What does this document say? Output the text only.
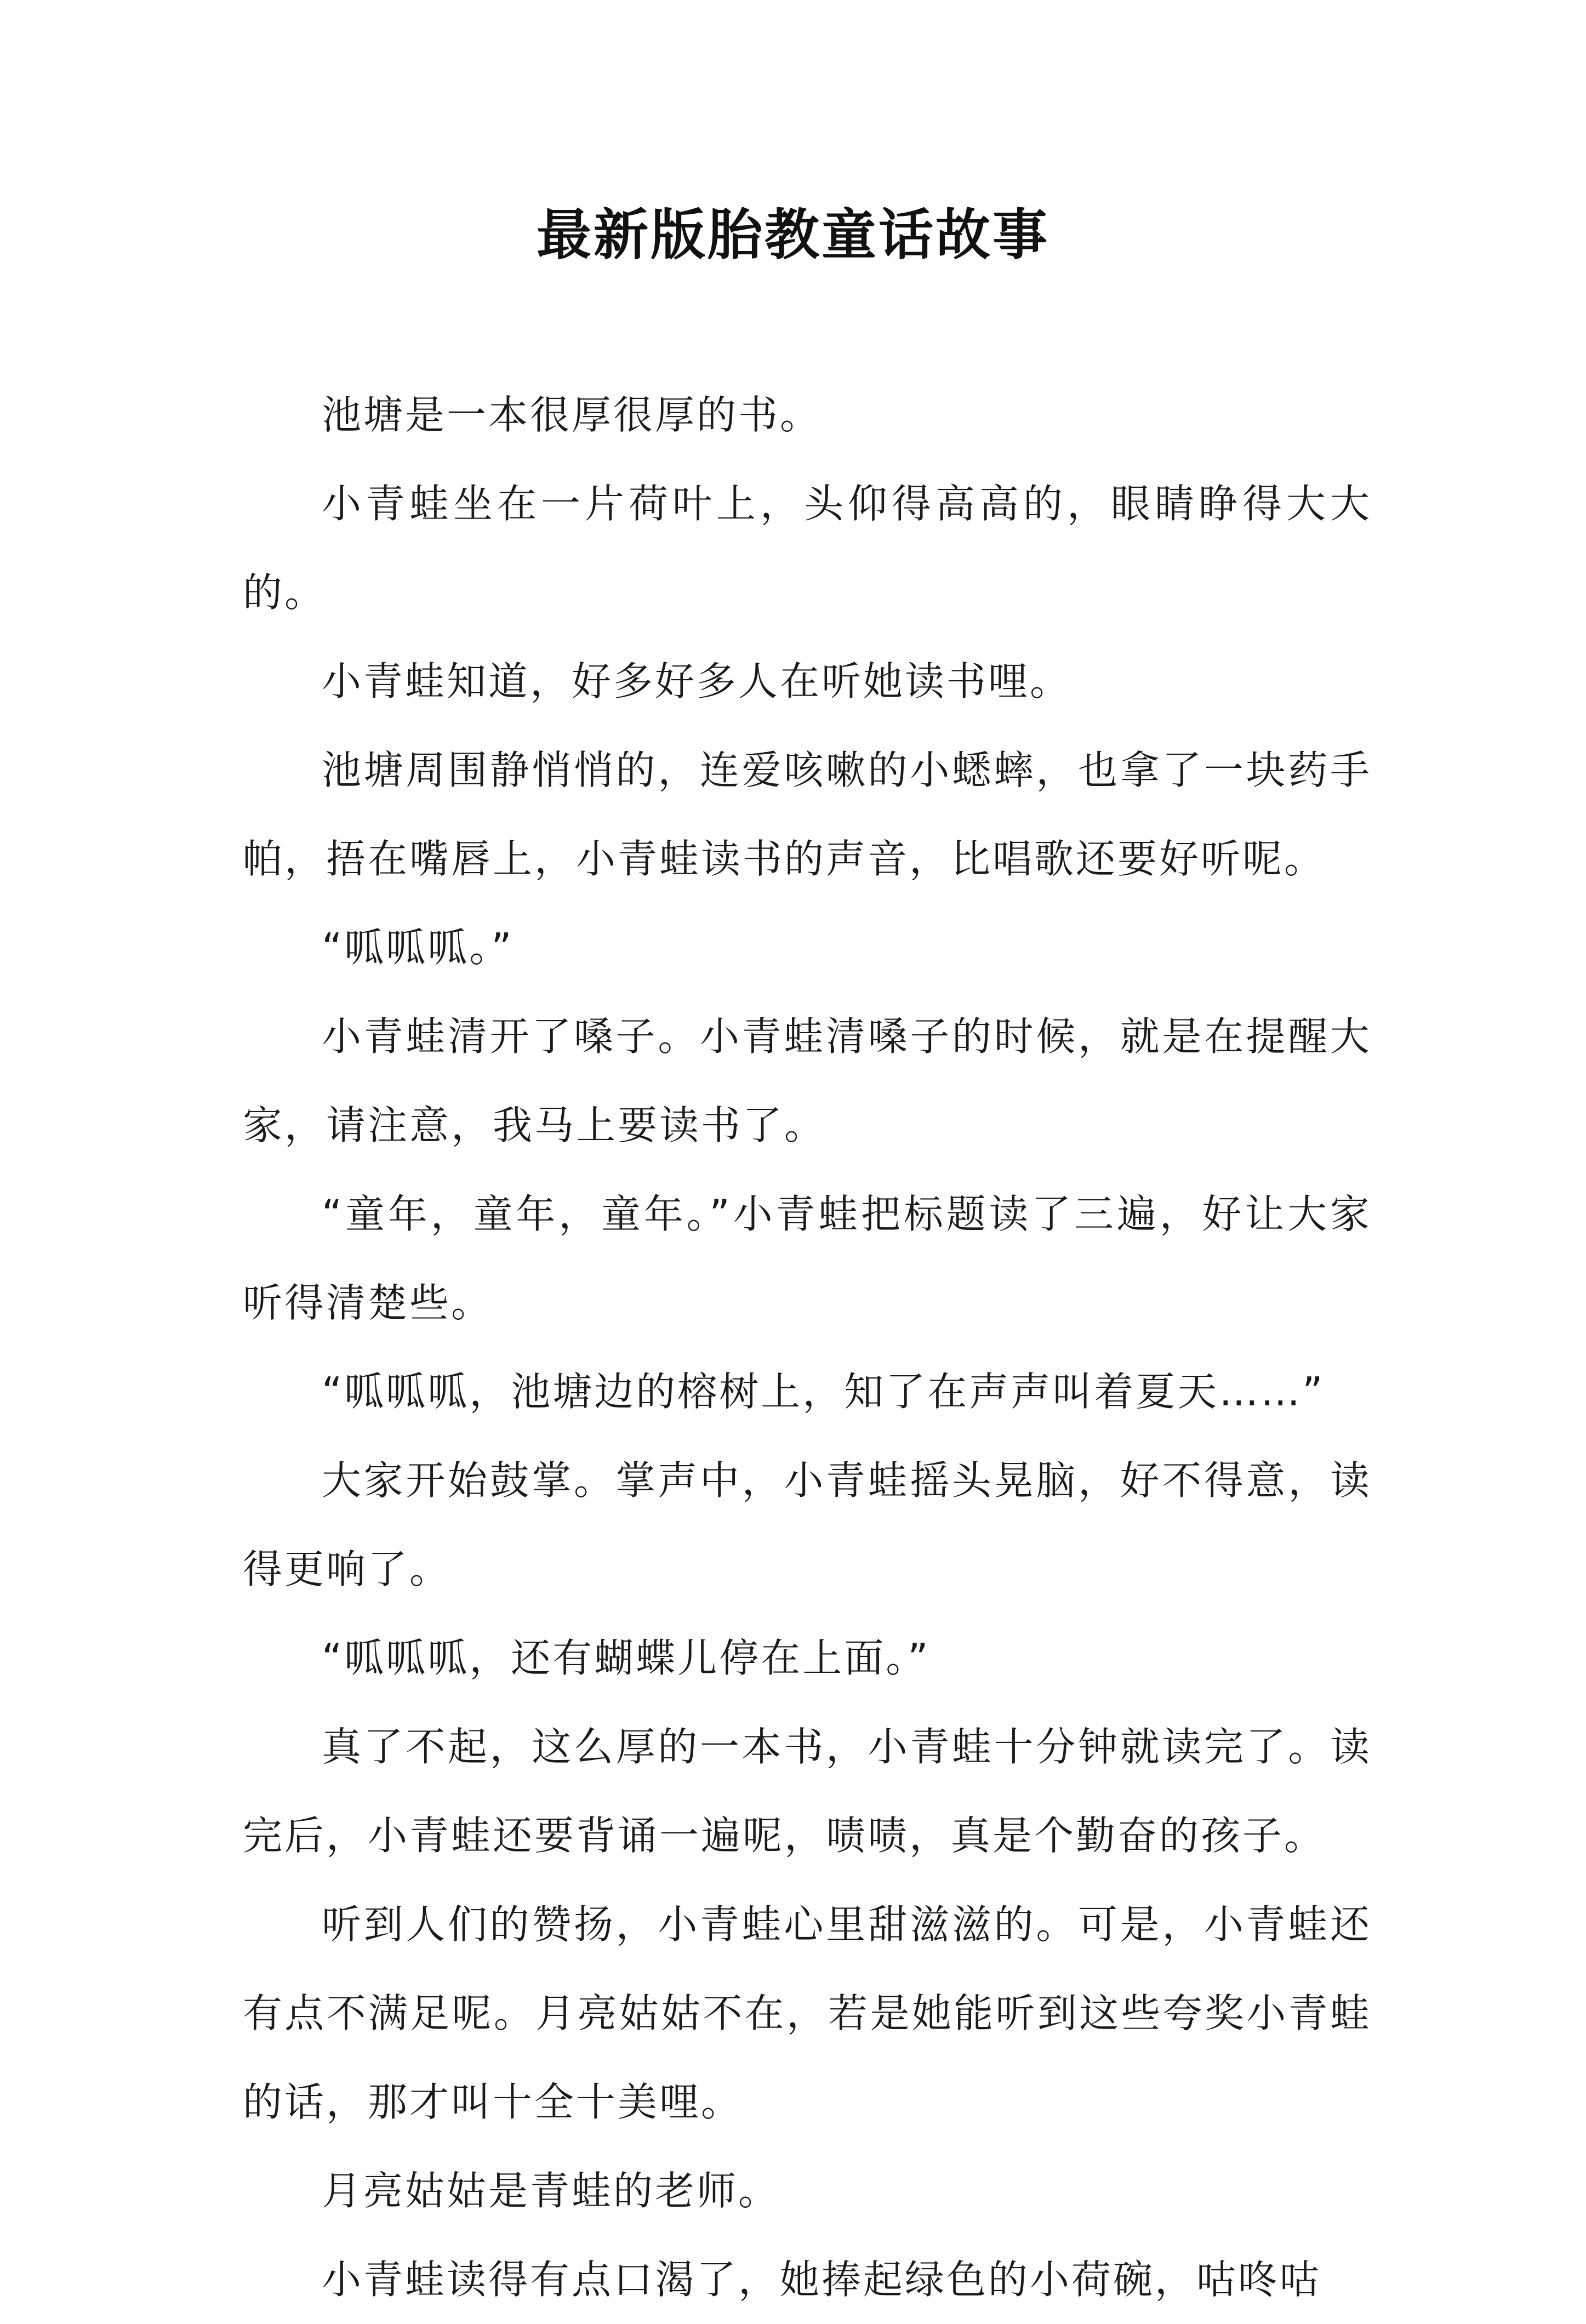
最新版胎教童话故事

池塘是一本很厚很厚的书。

小青蛙坐在一片荷叶上，头仰得高高的，眼睛睁得大大的。

小青蛙知道，好多好多人在听她读书哩。

池塘周围静悄悄的，连爱咳嗽的小蟋蟀，也拿了一块药手帕，捂在嘴唇上，小青蛙读书的声音，比唱歌还要好听呢。

“呱呱呱。”

小青蛙清开了嗓子。小青蛙清嗓子的时候，就是在提醒大家，请注意，我马上要读书了。

“童年，童年，童年。”小青蛙把标题读了三遍，好让大家听得清楚些。

“呱呱呱，池塘边的榕树上，知了在声声叫着夏天……”

大家开始鼓掌。掌声中，小青蛙摇头晃脑，好不得意，读得更响了。

“呱呱呱，还有蝴蝶儿停在上面。”

真了不起，这么厚的一本书，小青蛙十分钟就读完了。读完后，小青蛙还要背诵一遍呢，啧啧，真是个勤奋的孩子。

听到人们的赞扬，小青蛙心里甜滋滋的。可是，小青蛙还有点不满足呢。月亮姑姑不在，若是她能听到这些夸奖小青蛙的话，那才叫十全十美哩。

月亮姑姑是青蛙的老师。

小青蛙读得有点口渴了，她捧起绿色的小荷碗，咕咚咕
